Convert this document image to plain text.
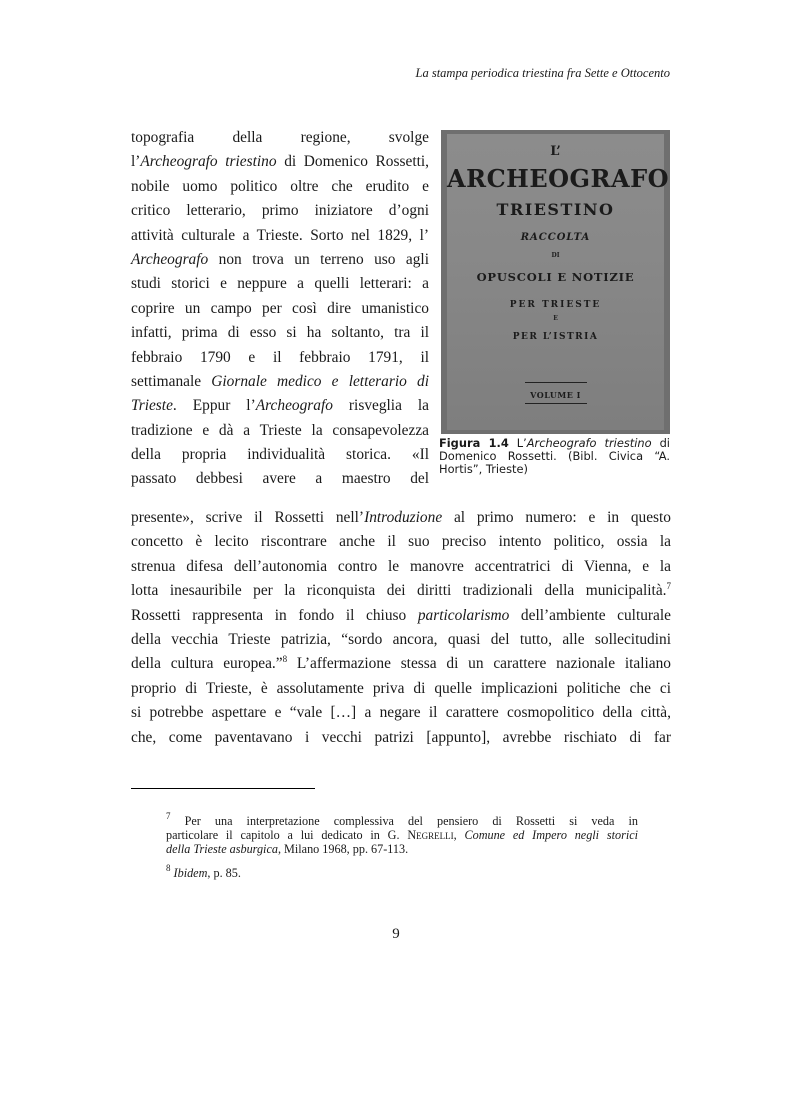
La stampa periodica triestina fra Sette e Ottocento
topografia della regione, svolge
l’Archeografo triestino di Domenico Rossetti,
nobile uomo politico oltre che erudito e
critico letterario, primo iniziatore d’ogni
attività culturale a Trieste. Sorto nel 1829, l’
Archeografo non trova un terreno uso agli
studi storici e neppure a quelli letterari: a
coprire un campo per così dire umanistico
infatti, prima di esso si ha soltanto, tra il
febbraio 1790 e il febbraio 1791, il
settimanale Giornale medico e letterario di
Trieste. Eppur l’Archeografo risveglia la
tradizione e dà a Trieste la consapevolezza
della propria individualità storica. «Il
passato debbesi avere a maestro del
L’
ARCHEOGRAFO
TRIESTINO
RACCOLTA
DI
OPUSCOLI E NOTIZIE
PER TRIESTE
E
PER L’ISTRIA
VOLUME I
Figura 1.4 L’Archeografo triestino di
Domenico Rossetti. (Bibl. Civica “A.
Hortis”, Trieste)
presente», scrive il Rossetti nell’Introduzione al primo numero: e in questo
concetto è lecito riscontrare anche il suo preciso intento politico, ossia la
strenua difesa dell’autonomia contro le manovre accentratrici di Vienna, e la
lotta inesauribile per la riconquista dei diritti tradizionali della municipalità.$^7$
Rossetti rappresenta in fondo il chiuso particolarismo dell’ambiente culturale
della vecchia Trieste patrizia, “sordo ancora, quasi del tutto, alle sollecitudini
della cultura europea.”$^8$ L’affermazione stessa di un carattere nazionale italiano
proprio di Trieste, è assolutamente priva di quelle implicazioni politiche che ci
si potrebbe aspettare e “vale […] a negare il carattere cosmopolitico della città,
che, come paventavano i vecchi patrizi [appunto], avrebbe rischiato di far
$^7$ Per una interpretazione complessiva del pensiero di Rossetti si veda in
particolare il capitolo a lui dedicato in G. Negrelli, Comune ed Impero negli storici
della Trieste asburgica, Milano 1968, pp. 67-113.
$^8$ Ibidem, p. 85.
9
